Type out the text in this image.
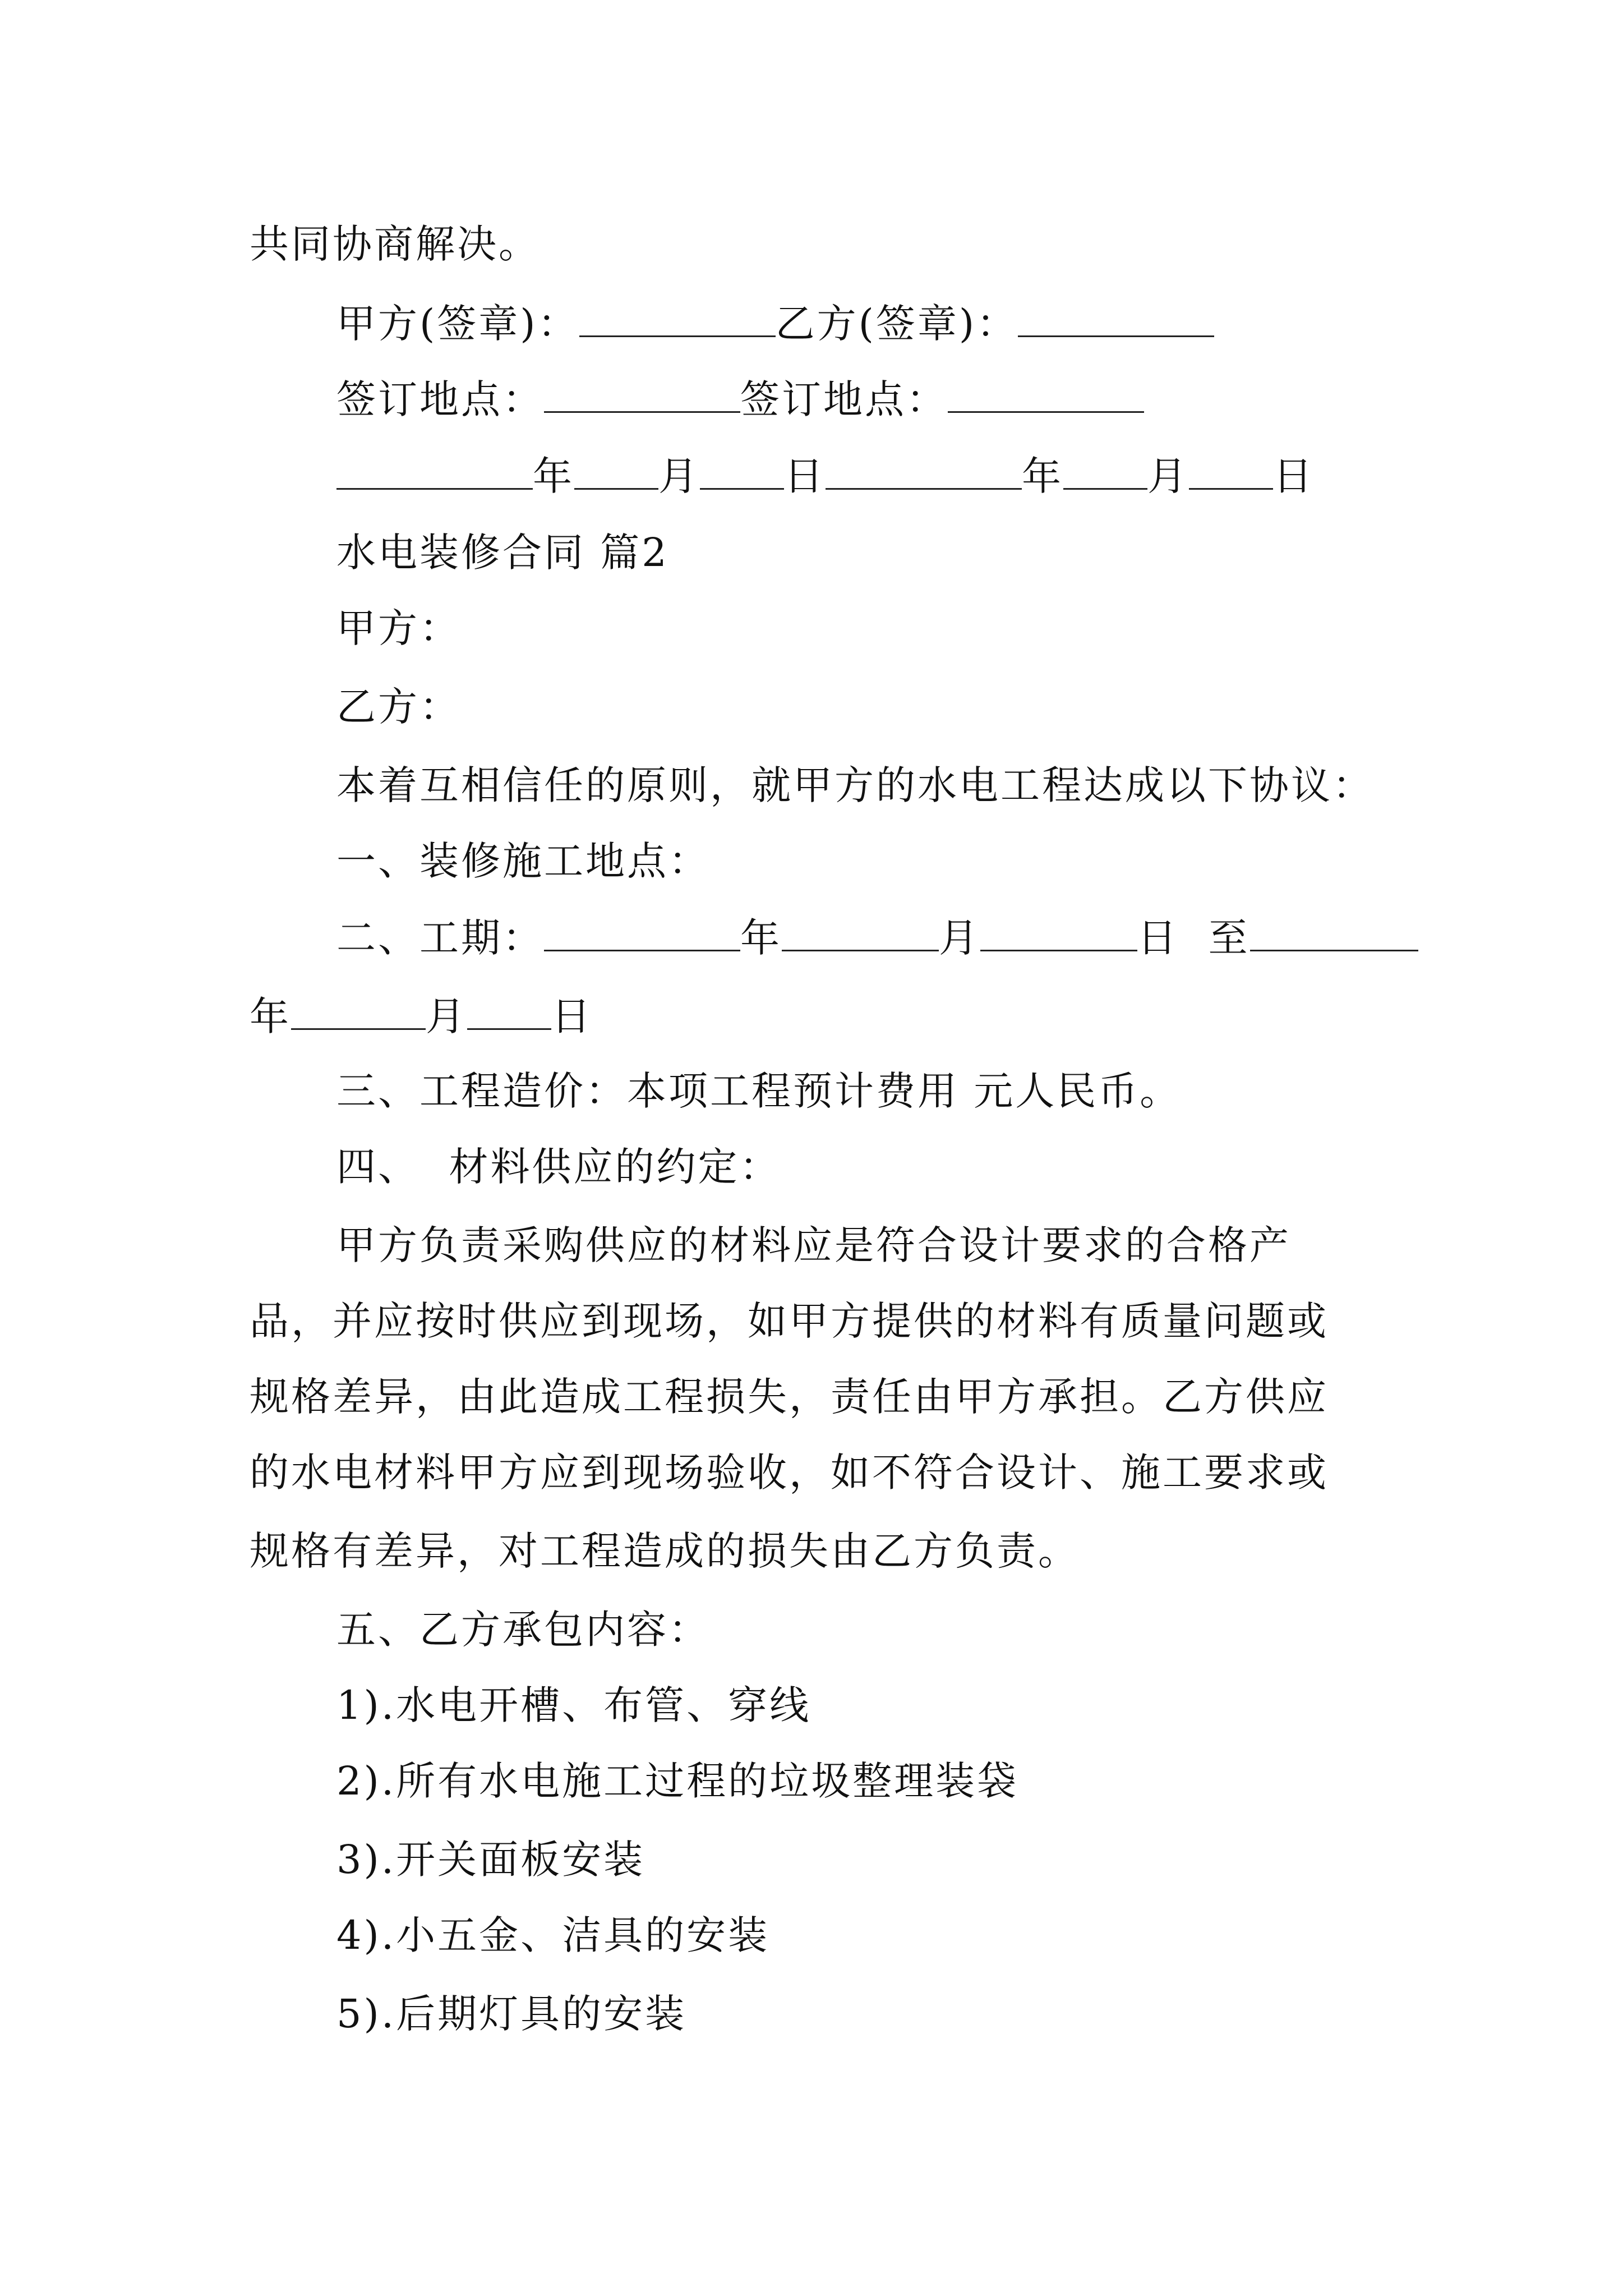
共同协商解决。
甲方(签章)：	乙方(签章)：
签订地点：	签订地点：
年 月 日	年 月 日
水电装修合同 篇2
甲方：
乙方：
本着互相信任的原则，就甲方的水电工程达成以下协议：
一、装修施工地点：
二、工期：	年	月	日 至
年	月 日
三、工程造价：本项工程预计费用 元人民币。
四、  材料供应的约定：
甲方负责采购供应的材料应是符合设计要求的合格产
品，并应按时供应到现场，如甲方提供的材料有质量问题或
规格差异，由此造成工程损失，责任由甲方承担。乙方供应
的水电材料甲方应到现场验收，如不符合设计、施工要求或
规格有差异，对工程造成的损失由乙方负责。
五、乙方承包内容：
1).水电开槽、布管、穿线
2).所有水电施工过程的垃圾整理装袋
3).开关面板安装
4).小五金、洁具的安装
5).后期灯具的安装
